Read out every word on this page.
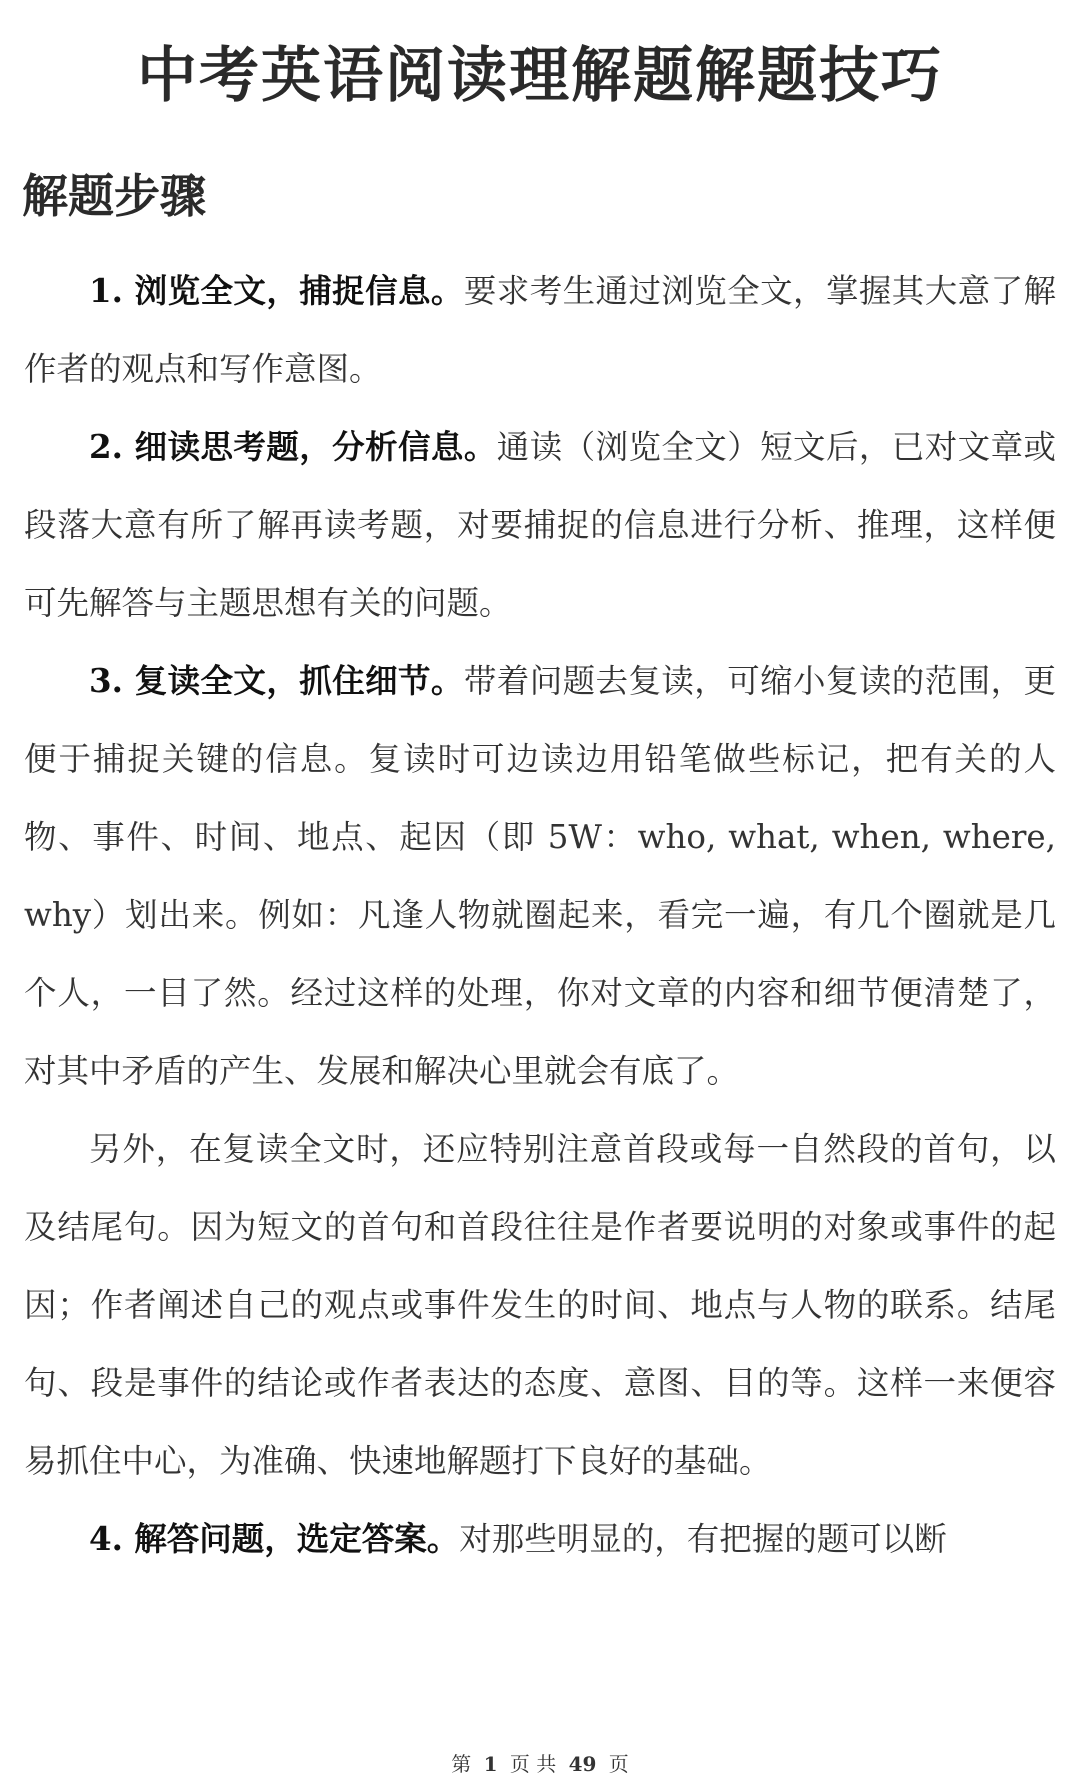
中考英语阅读理解题解题技巧
解题步骤

1. 浏览全文，捕捉信息。要求考生通过浏览全文，掌握其大意了解作者的观点和写作意图。

2. 细读思考题，分析信息。通读（浏览全文）短文后，已对文章或段落大意有所了解再读考题，对要捕捉的信息进行分析、推理，这样便可先解答与主题思想有关的问题。

3. 复读全文，抓住细节。带着问题去复读，可缩小复读的范围，更便于捕捉关键的信息。复读时可边读边用铅笔做些标记，把有关的人物、事件、时间、地点、起因（即 5W：who, what, when, where, why）划出来。例如：凡逢人物就圈起来，看完一遍，有几个圈就是几个人，一目了然。经过这样的处理，你对文章的内容和细节便清楚了，对其中矛盾的产生、发展和解决心里就会有底了。

另外，在复读全文时，还应特别注意首段或每一自然段的首句，以及结尾句。因为短文的首句和首段往往是作者要说明的对象或事件的起因；作者阐述自己的观点或事件发生的时间、地点与人物的联系。结尾句、段是事件的结论或作者表达的态度、意图、目的等。这样一来便容易抓住中心，为准确、快速地解题打下良好的基础。

4. 解答问题，选定答案。对那些明显的，有把握的题可以断

第 1 页 共 49 页
